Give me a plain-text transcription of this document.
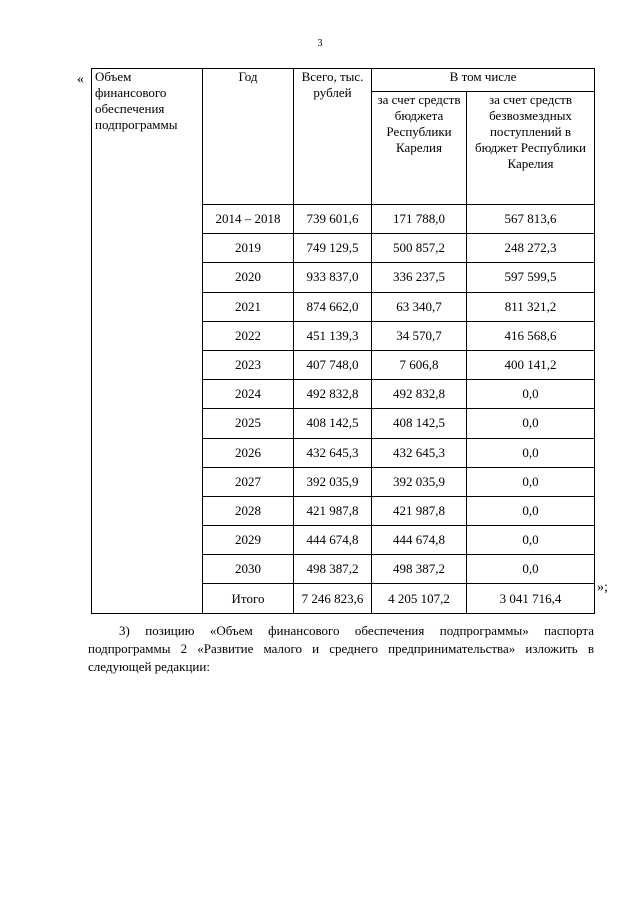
3
« Объем финансового обеспечения подпрограммы	Год	Всего, тыс. рублей	В том числе	
			за счет средств бюджета Республики Карелия	за счет средств безвозмездных поступлений в бюджет Республики Карелия
	2014 – 2018	739 601,6	171 788,0	567 813,6
	2019	749 129,5	500 857,2	248 272,3
	2020	933 837,0	336 237,5	597 599,5
	2021	874 662,0	63 340,7	811 321,2
	2022	451 139,3	34 570,7	416 568,6
	2023	407 748,0	7 606,8	400 141,2
	2024	492 832,8	492 832,8	0,0
	2025	408 142,5	408 142,5	0,0
	2026	432 645,3	432 645,3	0,0
	2027	392 035,9	392 035,9	0,0
	2028	421 987,8	421 987,8	0,0
	2029	444 674,8	444 674,8	0,0
	2030	498 387,2	498 387,2	0,0
	Итого	7 246 823,6	4 205 107,2	3 041 716,4
»;

3) позицию «Объем финансового обеспечения подпрограммы» паспорта подпрограммы 2 «Развитие малого и среднего предпринимательства» изложить в следующей редакции:
